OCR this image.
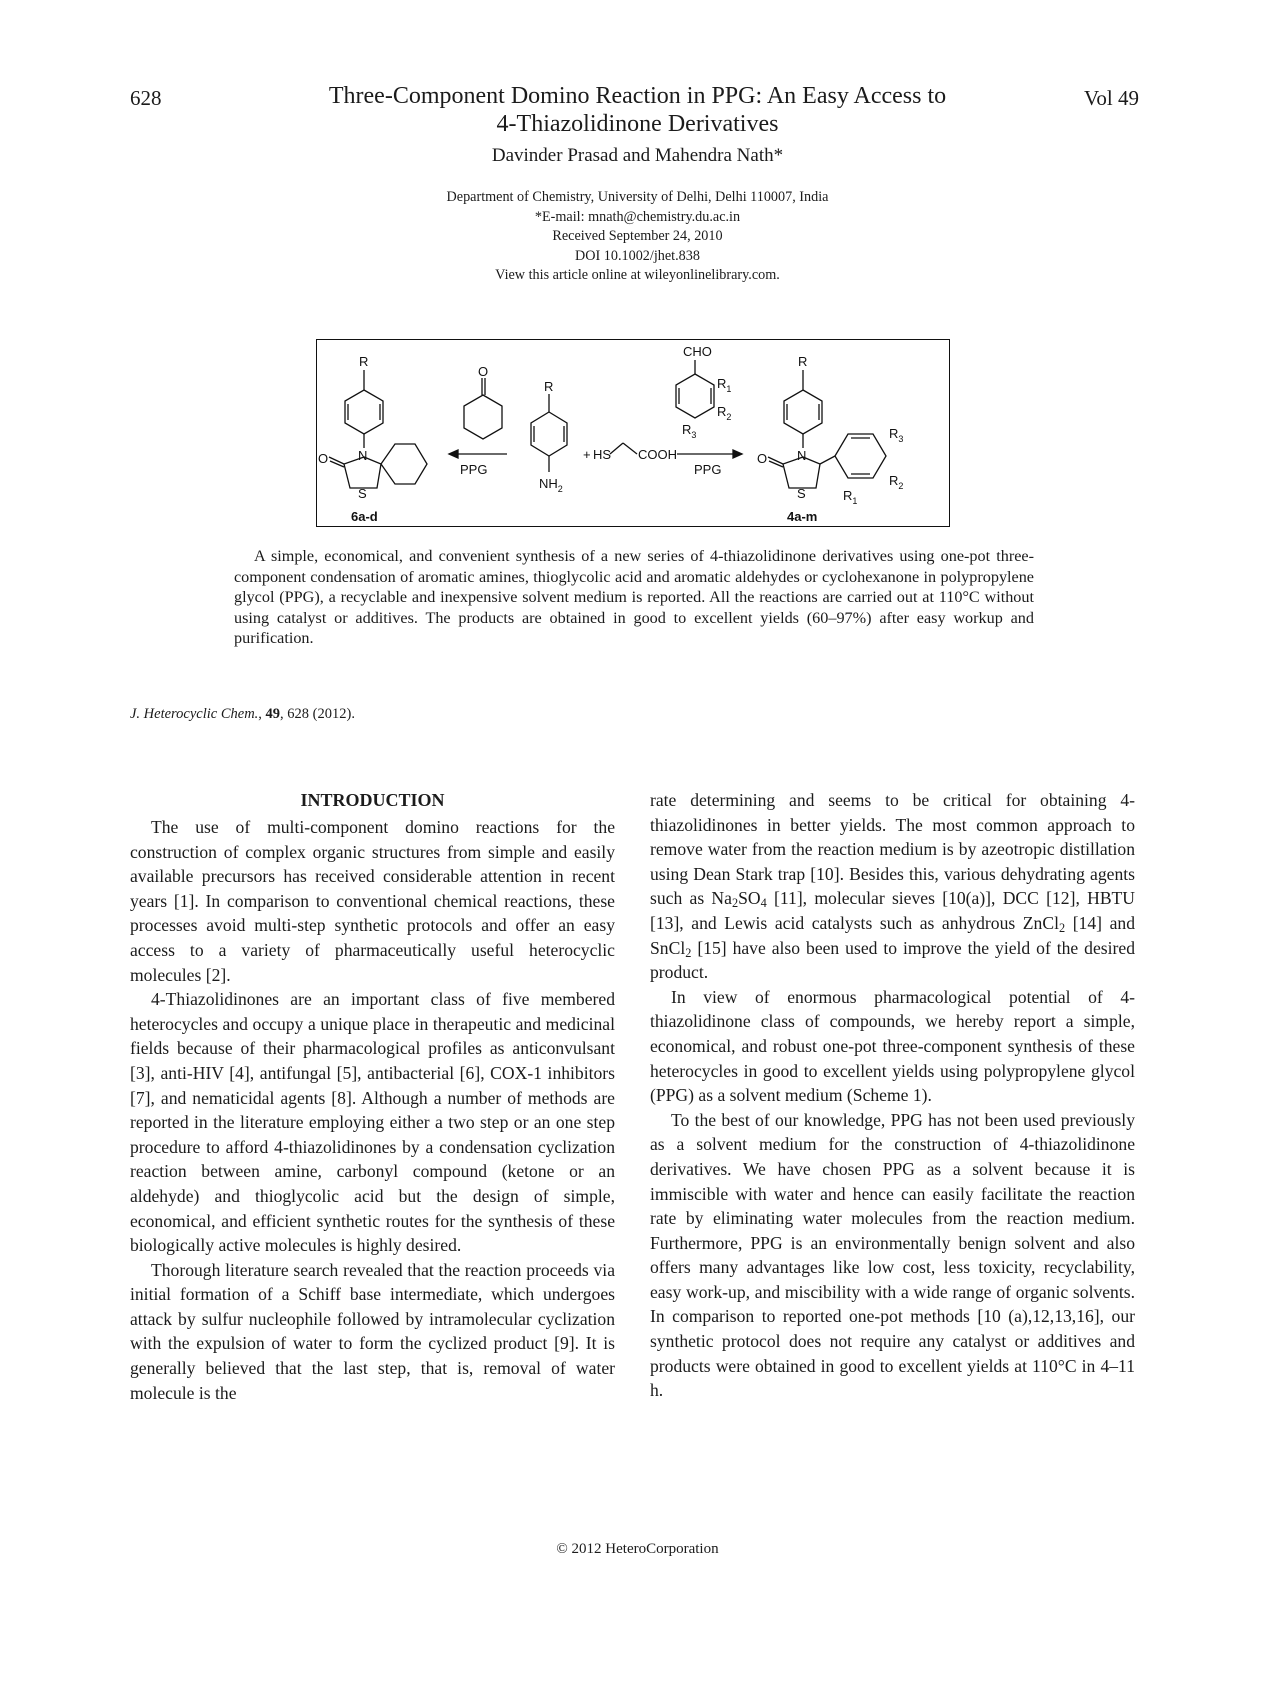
628	Three-Component Domino Reaction in PPG: An Easy Access to
4-Thiazolidinone Derivatives
Vol 49
Davinder Prasad and Mahendra Nath*
Department of Chemistry, University of Delhi, Delhi 110007, India
*E-mail: mnath@chemistry.du.ac.in
Received September 24, 2010
DOI 10.1002/jhet.838
View this article online at wileyonlinelibrary.com.
R
N
O
S
6a-d
O
PPG
R
$NH_2$
+ HS COOH
CHO
$R_1$
$R_2$
$R_3$
PPG
R
N
O
S
$R_3$
$R_2$
$R_1$
4a-m
A simple, economical, and convenient synthesis of a new series of 4-thiazolidinone derivatives using one-pot three-component condensation of aromatic amines, thioglycolic acid and aromatic aldehydes or cyclohexanone in polypropylene glycol (PPG), a recyclable and inexpensive solvent medium is reported. All the reactions are carried out at 110°C without using catalyst or additives. The products are obtained in good to excellent yields (60–97%) after easy workup and purification.
J. Heterocyclic Chem., 49, 628 (2012).
INTRODUCTION

The use of multi-component domino reactions for the construction of complex organic structures from simple and easily available precursors has received considerable attention in recent years [1]. In comparison to conventional chemical reactions, these processes avoid multi-step synthetic protocols and offer an easy access to a variety of pharmaceutically useful heterocyclic molecules [2].

4-Thiazolidinones are an important class of five membered heterocycles and occupy a unique place in therapeutic and medicinal fields because of their pharmacological profiles as anticonvulsant [3], anti-HIV [4], antifungal [5], antibacterial [6], COX-1 inhibitors [7], and nematicidal agents [8]. Although a number of methods are reported in the literature employing either a two step or an one step procedure to afford 4-thiazolidinones by a condensation cyclization reaction between amine, carbonyl compound (ketone or an aldehyde) and thioglycolic acid but the design of simple, economical, and efficient synthetic routes for the synthesis of these biologically active molecules is highly desired.

Thorough literature search revealed that the reaction proceeds via initial formation of a Schiff base intermediate, which undergoes attack by sulfur nucleophile followed by intramolecular cyclization with the expulsion of water to form the cyclized product [9]. It is generally believed that the last step, that is, removal of water molecule is the

rate determining and seems to be critical for obtaining 4-thiazolidinones in better yields. The most common approach to remove water from the reaction medium is by azeotropic distillation using Dean Stark trap [10]. Besides this, various dehydrating agents such as $Na_2SO_4$ [11], molecular sieves [10(a)], DCC [12], HBTU [13], and Lewis acid catalysts such as anhydrous ZnCl$_2$ [14] and SnCl$_2$ [15] have also been used to improve the yield of the desired product.

In view of enormous pharmacological potential of 4-thiazolidinone class of compounds, we hereby report a simple, economical, and robust one-pot three-component synthesis of these heterocycles in good to excellent yields using polypropylene glycol (PPG) as a solvent medium (Scheme 1).

To the best of our knowledge, PPG has not been used previously as a solvent medium for the construction of 4-thiazolidinone derivatives. We have chosen PPG as a solvent because it is immiscible with water and hence can easily facilitate the reaction rate by eliminating water molecules from the reaction medium. Furthermore, PPG is an environmentally benign solvent and also offers many advantages like low cost, less toxicity, recyclability, easy work-up, and miscibility with a wide range of organic solvents. In comparison to reported one-pot methods [10 (a),12,13,16], our synthetic protocol does not require any catalyst or additives and products were obtained in good to excellent yields at 110°C in 4–11 h.

© 2012 HeteroCorporation
